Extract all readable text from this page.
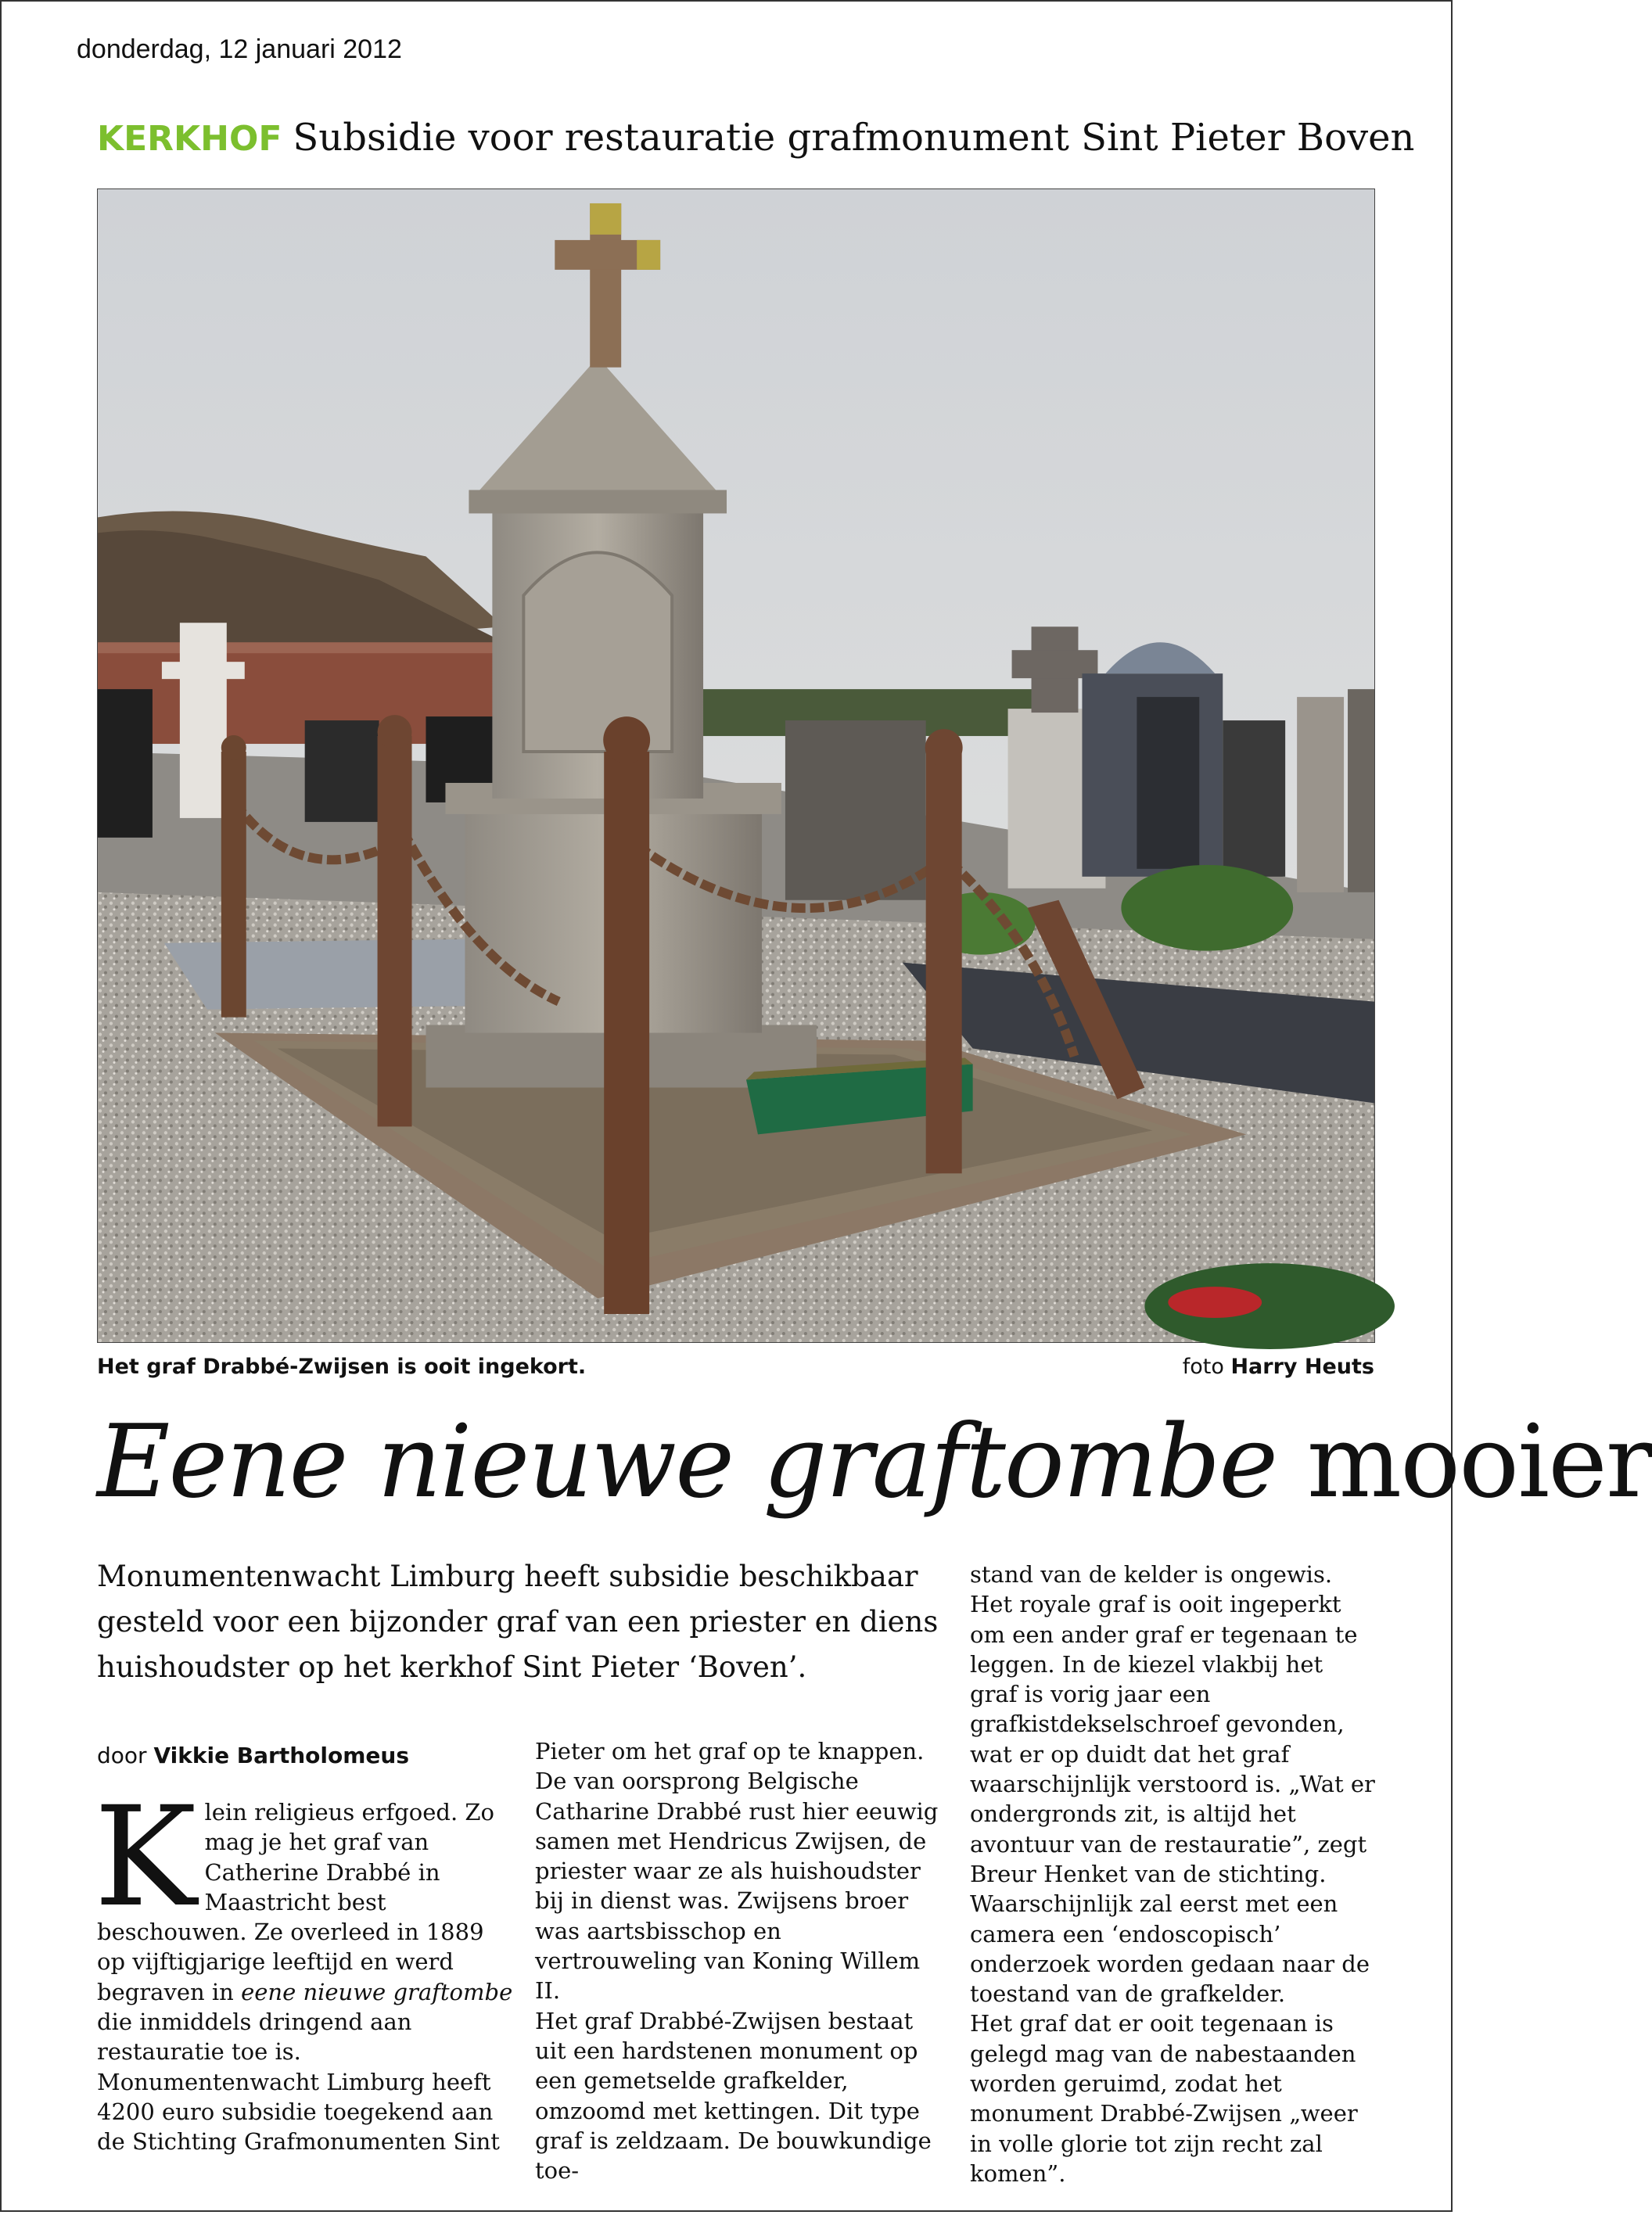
donderdag, 12 januari 2012
KERKHOF Subsidie voor restauratie grafmonument Sint Pieter Boven
Het graf Drabbé-Zwijsen is ooit ingekort.	foto Harry Heuts
Eene nieuwe graftombe mooier
Monumentenwacht Limburg heeft subsidie beschikbaar gesteld voor een bijzonder graf van een priester en diens huishoudster op het kerkhof Sint Pieter ‘Boven’.
door Vikkie Bartholomeus
Klein religieus erfgoed. Zo mag je het graf van Catherine Drabbé in Maastricht best beschouwen. Ze overleed in 1889 op vijftigjarige leeftijd en werd begraven in eene nieuwe graftombe die inmiddels dringend aan restauratie toe is. Monumentenwacht Limburg heeft 4200 euro subsidie toegekend aan de Stichting Grafmonumenten Sint

Pieter om het graf op te knappen. De van oorsprong Belgische Catharine Drabbé rust hier eeuwig samen met Hendricus Zwijsen, de priester waar ze als huishoudster bij in dienst was. Zwijsens broer was aartsbisschop en vertrouweling van Koning Willem II.

Het graf Drabbé-Zwijsen bestaat uit een hardstenen monument op een gemetselde grafkelder, omzoomd met kettingen. Dit type graf is zeldzaam. De bouwkundige toe-

stand van de kelder is ongewis. Het royale graf is ooit ingeperkt om een ander graf er tegenaan te leggen. In de kiezel vlakbij het graf is vorig jaar een grafkistdekselschroef gevonden, wat er op duidt dat het graf waarschijnlijk verstoord is. „Wat er ondergronds zit, is altijd het avontuur van de restauratie”, zegt Breur Henket van de stichting. Waarschijnlijk zal eerst met een camera een ‘endoscopisch’ onderzoek worden gedaan naar de toestand van de grafkelder.

Het graf dat er ooit tegenaan is gelegd mag van de nabestaanden worden geruimd, zodat het monument Drabbé-Zwijsen „weer in volle glorie tot zijn recht zal komen”.
